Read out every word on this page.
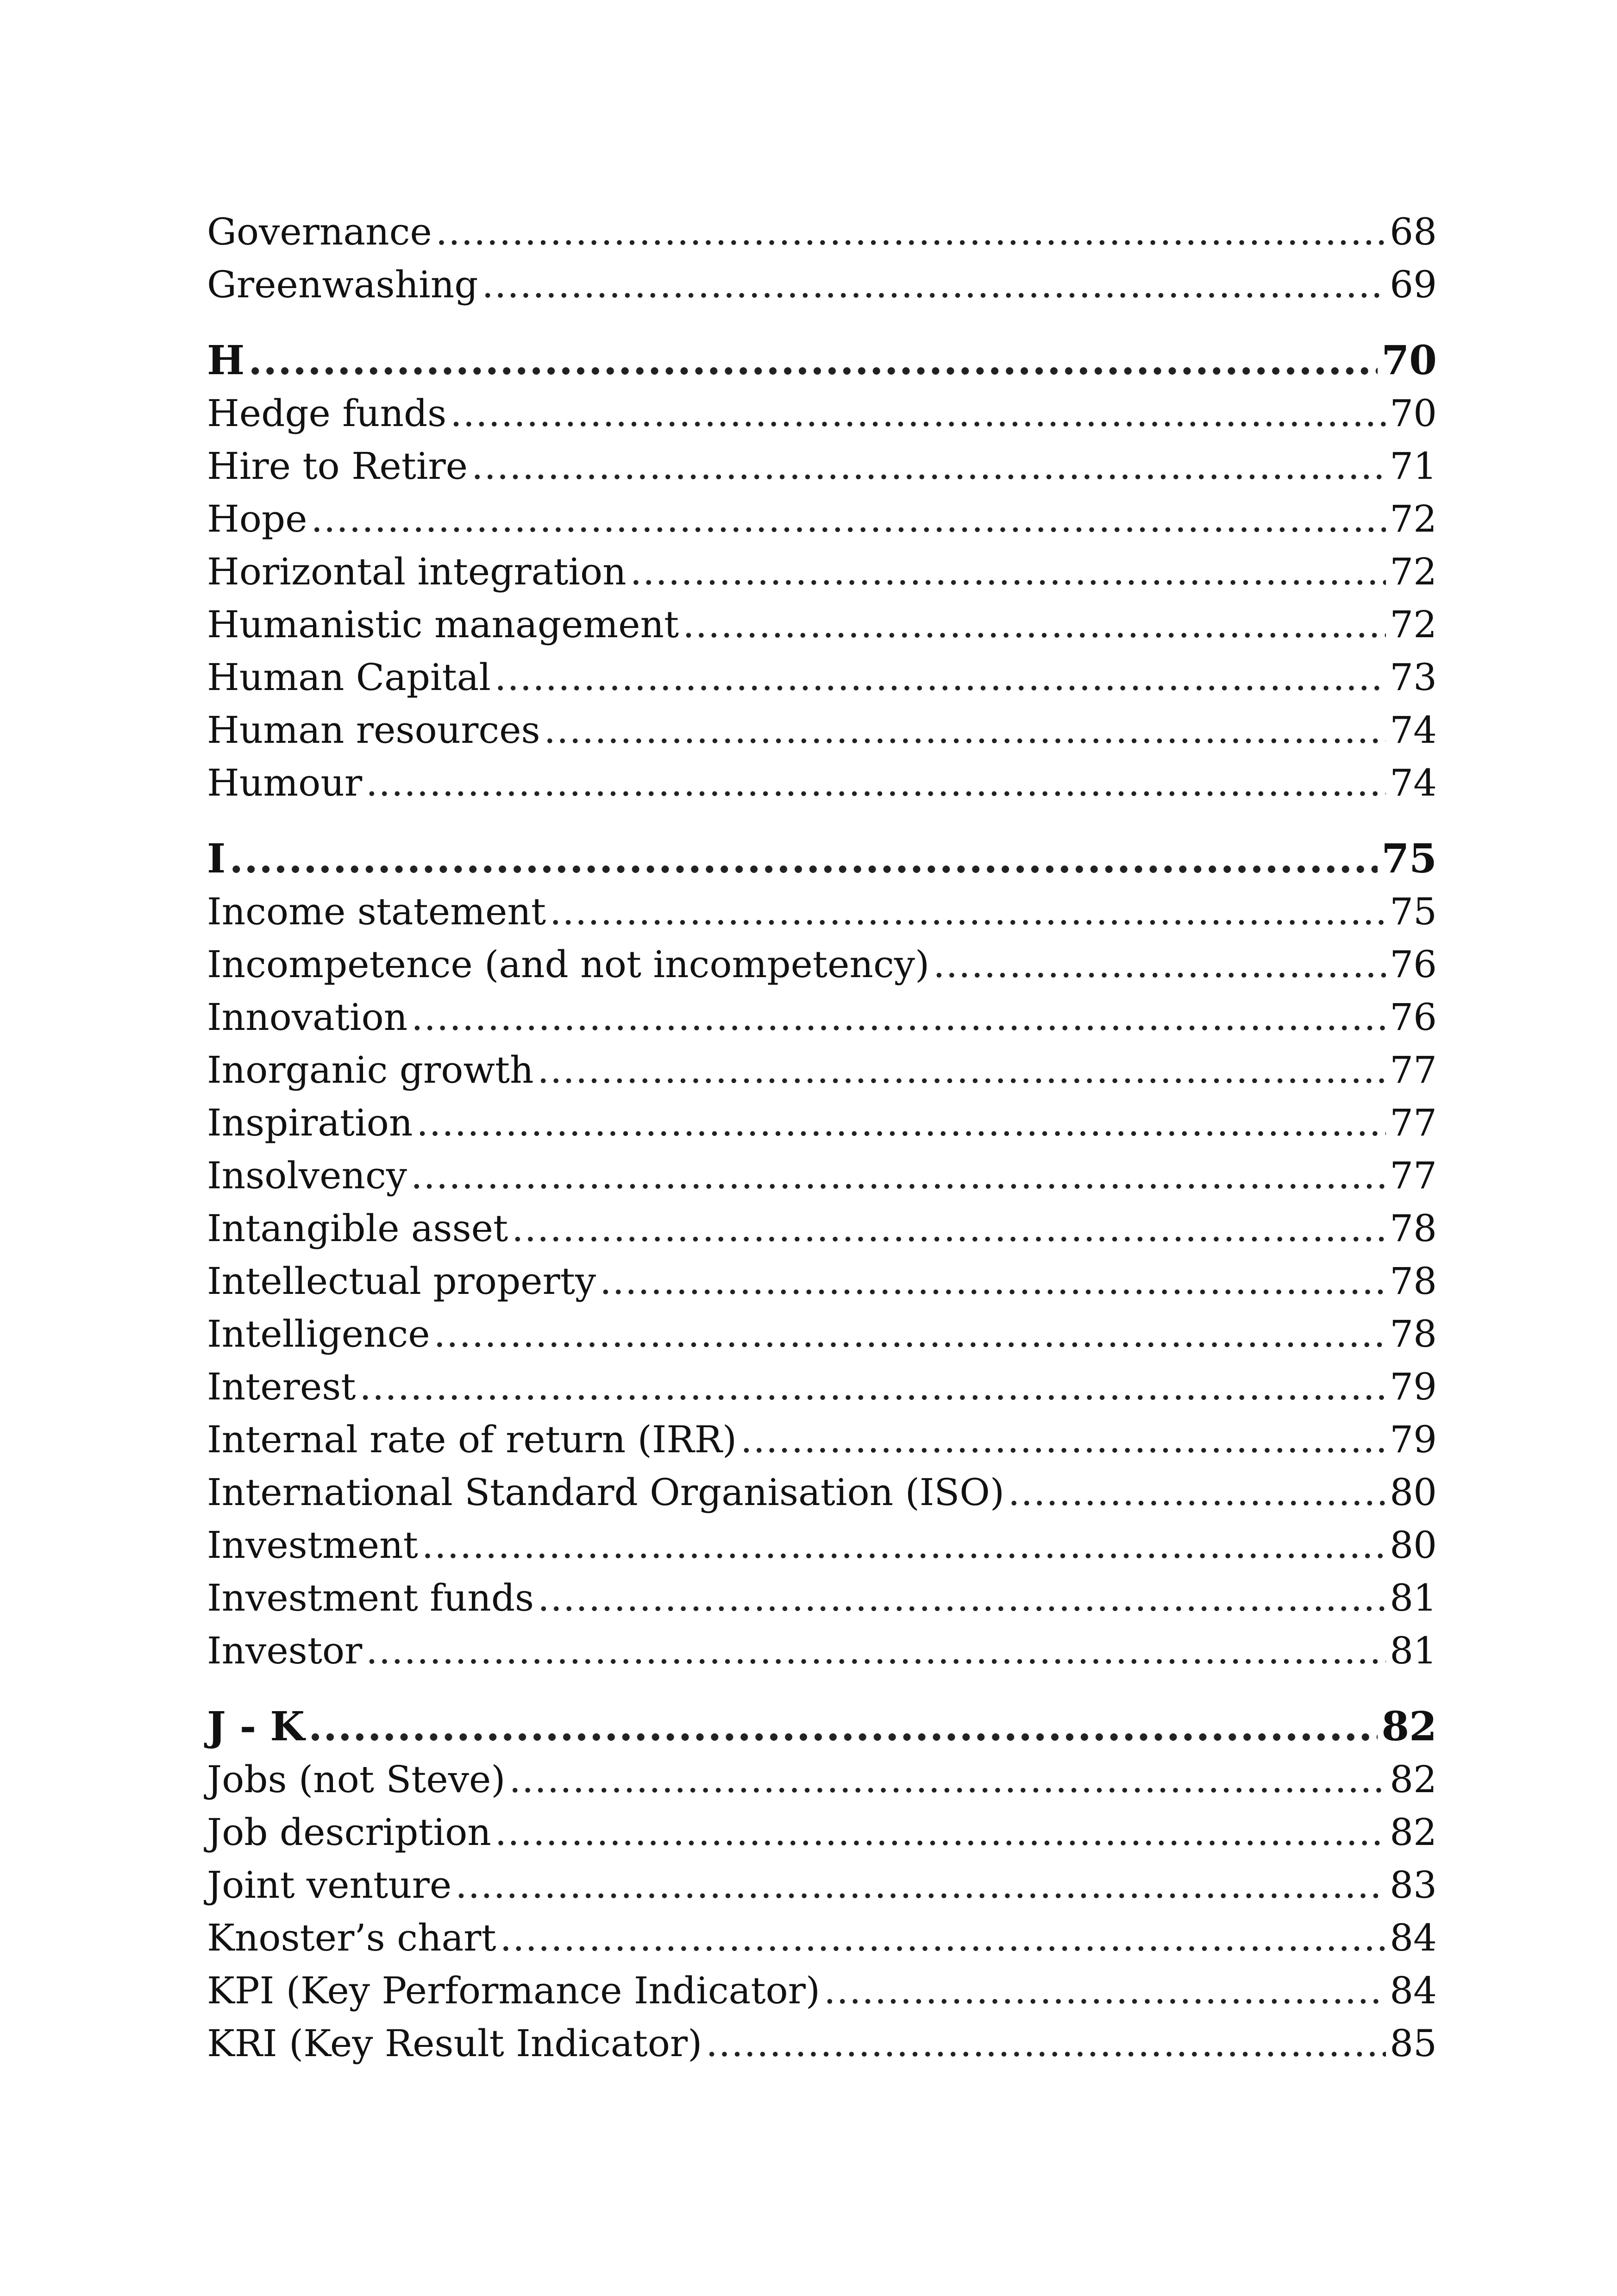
Governance .....	68
Greenwashing .....	69
H .....	70
Hedge funds .....	70
Hire to Retire .....	71
Hope .....	72
Horizontal integration .....	72
Humanistic management .....	72
Human Capital .....	73
Human resources .....	74
Humour .....	74
I .....	75
Income statement .....	75
Incompetence (and not incompetency) .....	76
Innovation .....	76
Inorganic growth .....	77
Inspiration .....	77
Insolvency .....	77
Intangible asset .....	78
Intellectual property .....	78
Intelligence .....	78
Interest .....	79
Internal rate of return (IRR) .....	79
International Standard Organisation (ISO) .....	80
Investment .....	80
Investment funds .....	81
Investor .....	81
J - K .....	82
Jobs (not Steve) .....	82
Job description .....	82
Joint venture .....	83
Knoster’s chart .....	84
KPI (Key Performance Indicator) .....	84
KRI (Key Result Indicator) .....	85
